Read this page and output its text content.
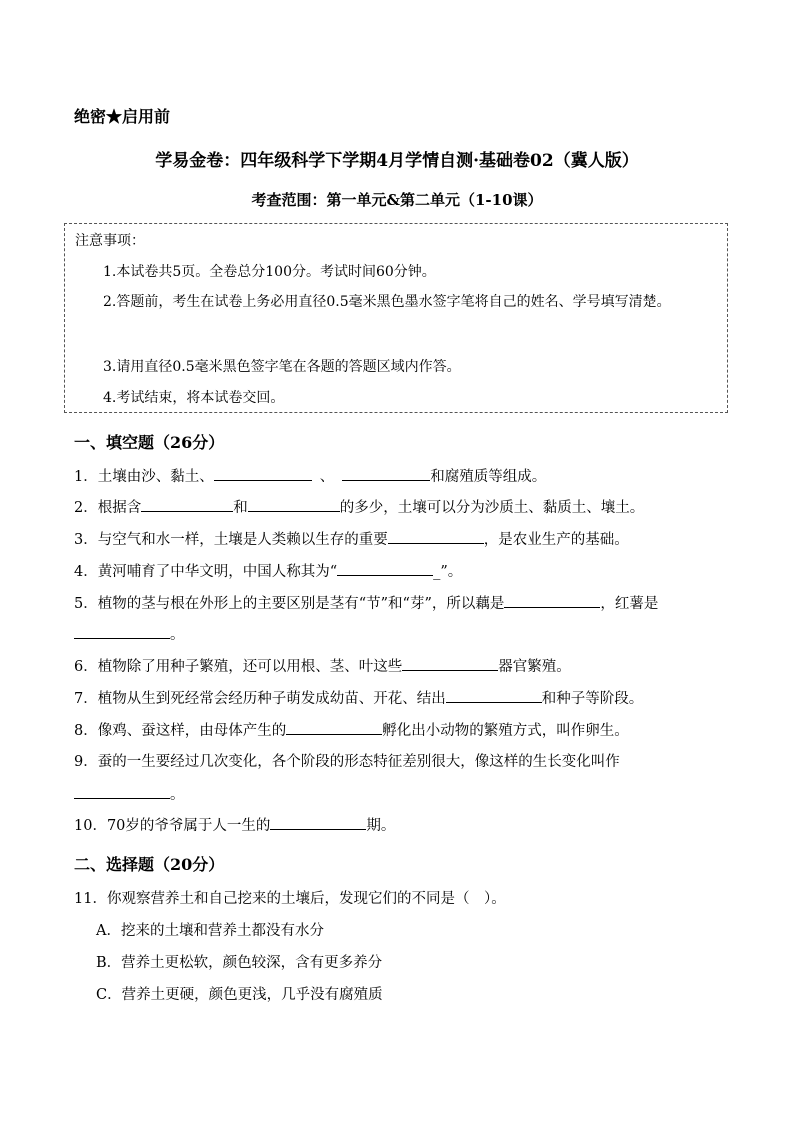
绝密★启用前
学易金卷：四年级科学下学期4月学情自测·基础卷02（冀人版）
考查范围：第一单元&第二单元（1-10课）
注意事项：
1.本试卷共5页。全卷总分100分。考试时间60分钟。
2.答题前，考生在试卷上务必用直径0.5毫米黑色墨水签字笔将自己的姓名、学号填写清楚。
3.请用直径0.5毫米黑色签字笔在各题的答题区域内作答。
4.考试结束，将本试卷交回。
一、填空题（26分）
1．土壤由沙、黏土、	、	和腐殖质等组成。
2．根据含	和	的多少，土壤可以分为沙质土、黏质土、壤土。
3．与空气和水一样，土壤是人类赖以生存的重要	，是农业生产的基础。
4．黄河哺育了中华文明，中国人称其为“	_”。
5．植物的茎与根在外形上的主要区别是茎有“节”和“芽”，所以藕是	，红薯是
。
6．植物除了用种子繁殖，还可以用根、茎、叶这些	器官繁殖。
7．植物从生到死经常会经历种子萌发成幼苗、开花、结出	和种子等阶段。
8．像鸡、蚕这样，由母体产生的	孵化出小动物的繁殖方式，叫作卵生。
9．蚕的一生要经过几次变化，各个阶段的形态特征差别很大，像这样的生长变化叫作
。
10．70岁的爷爷属于人一生的	期。
二、选择题（20分）
11．你观察营养土和自己挖来的土壤后，发现它们的不同是（　）。
A．挖来的土壤和营养土都没有水分
B．营养土更松软，颜色较深，含有更多养分
C．营养土更硬，颜色更浅，几乎没有腐殖质
